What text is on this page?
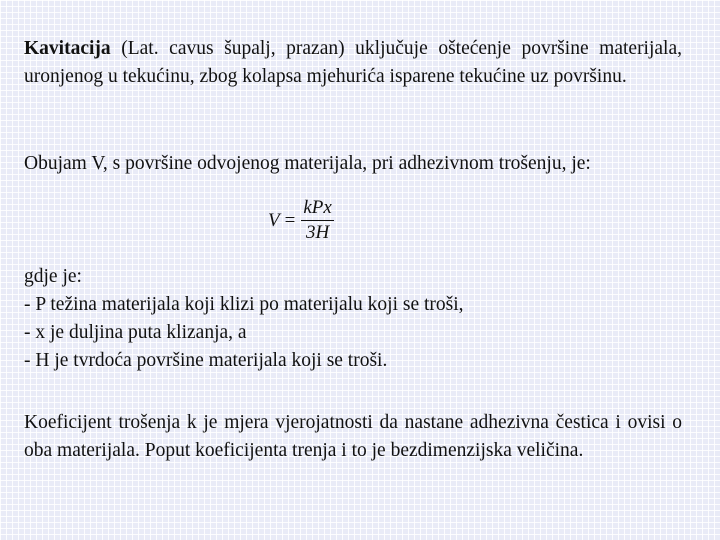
Kavitacija (Lat. cavus šupalj, prazan) uključuje oštećenje površine materijala, uronjenog u tekućinu, zbog kolapsa mjehurića isparene tekućine uz površinu.

Obujam V, s površine odvojenog materijala, pri adhezivnom trošenju, je:

$V = \frac{\text{kPx}}{3H}$
gdje je:
- P težina materijala koji klizi po materijalu koji se troši,
- x je duljina puta klizanja, a
- H je tvrdoća površine materijala koji se troši.

Koeficijent trošenja k je mjera vjerojatnosti da nastane adhezivna čestica i ovisi o oba materijala. Poput koeficijenta trenja i to je bezdimenzijska veličina.
